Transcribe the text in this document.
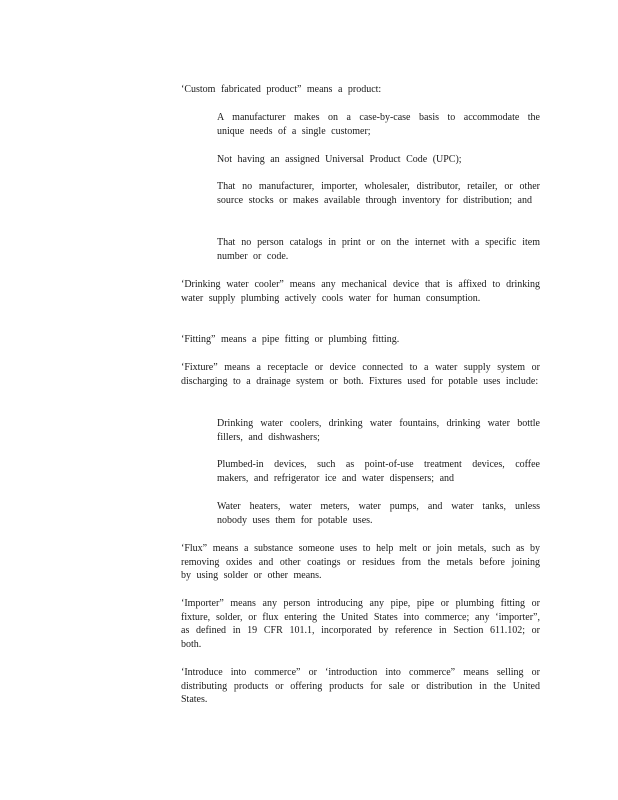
‘Custom fabricated product” means a product:

A manufacturer makes on a case-by-case basis to accommodate the unique needs of a single customer;

Not having an assigned Universal Product Code (UPC);

That no manufacturer, importer, wholesaler, distributor, retailer, or other source stocks or makes available through inventory for distribution; and

That no person catalogs in print or on the internet with a specific item number or code.

‘Drinking water cooler” means any mechanical device that is affixed to drinking water supply plumbing actively cools water for human consumption.

‘Fitting” means a pipe fitting or plumbing fitting.

‘Fixture” means a receptacle or device connected to a water supply system or discharging to a drainage system or both. Fixtures used for potable uses include:

Drinking water coolers, drinking water fountains, drinking water bottle fillers, and dishwashers;

Plumbed-in devices, such as point-of-use treatment devices, coffee makers, and refrigerator ice and water dispensers; and

Water heaters, water meters, water pumps, and water tanks, unless nobody uses them for potable uses.

‘Flux” means a substance someone uses to help melt or join metals, such as by removing oxides and other coatings or residues from the metals before joining by using solder or other means.

‘Importer” means any person introducing any pipe, pipe or plumbing fitting or fixture, solder, or flux entering the United States into commerce; any ‘importer”, as defined in 19 CFR 101.1, incorporated by reference in Section 611.102; or both.

‘Introduce into commerce” or ‘introduction into commerce” means selling or distributing products or offering products for sale or distribution in the United States.
